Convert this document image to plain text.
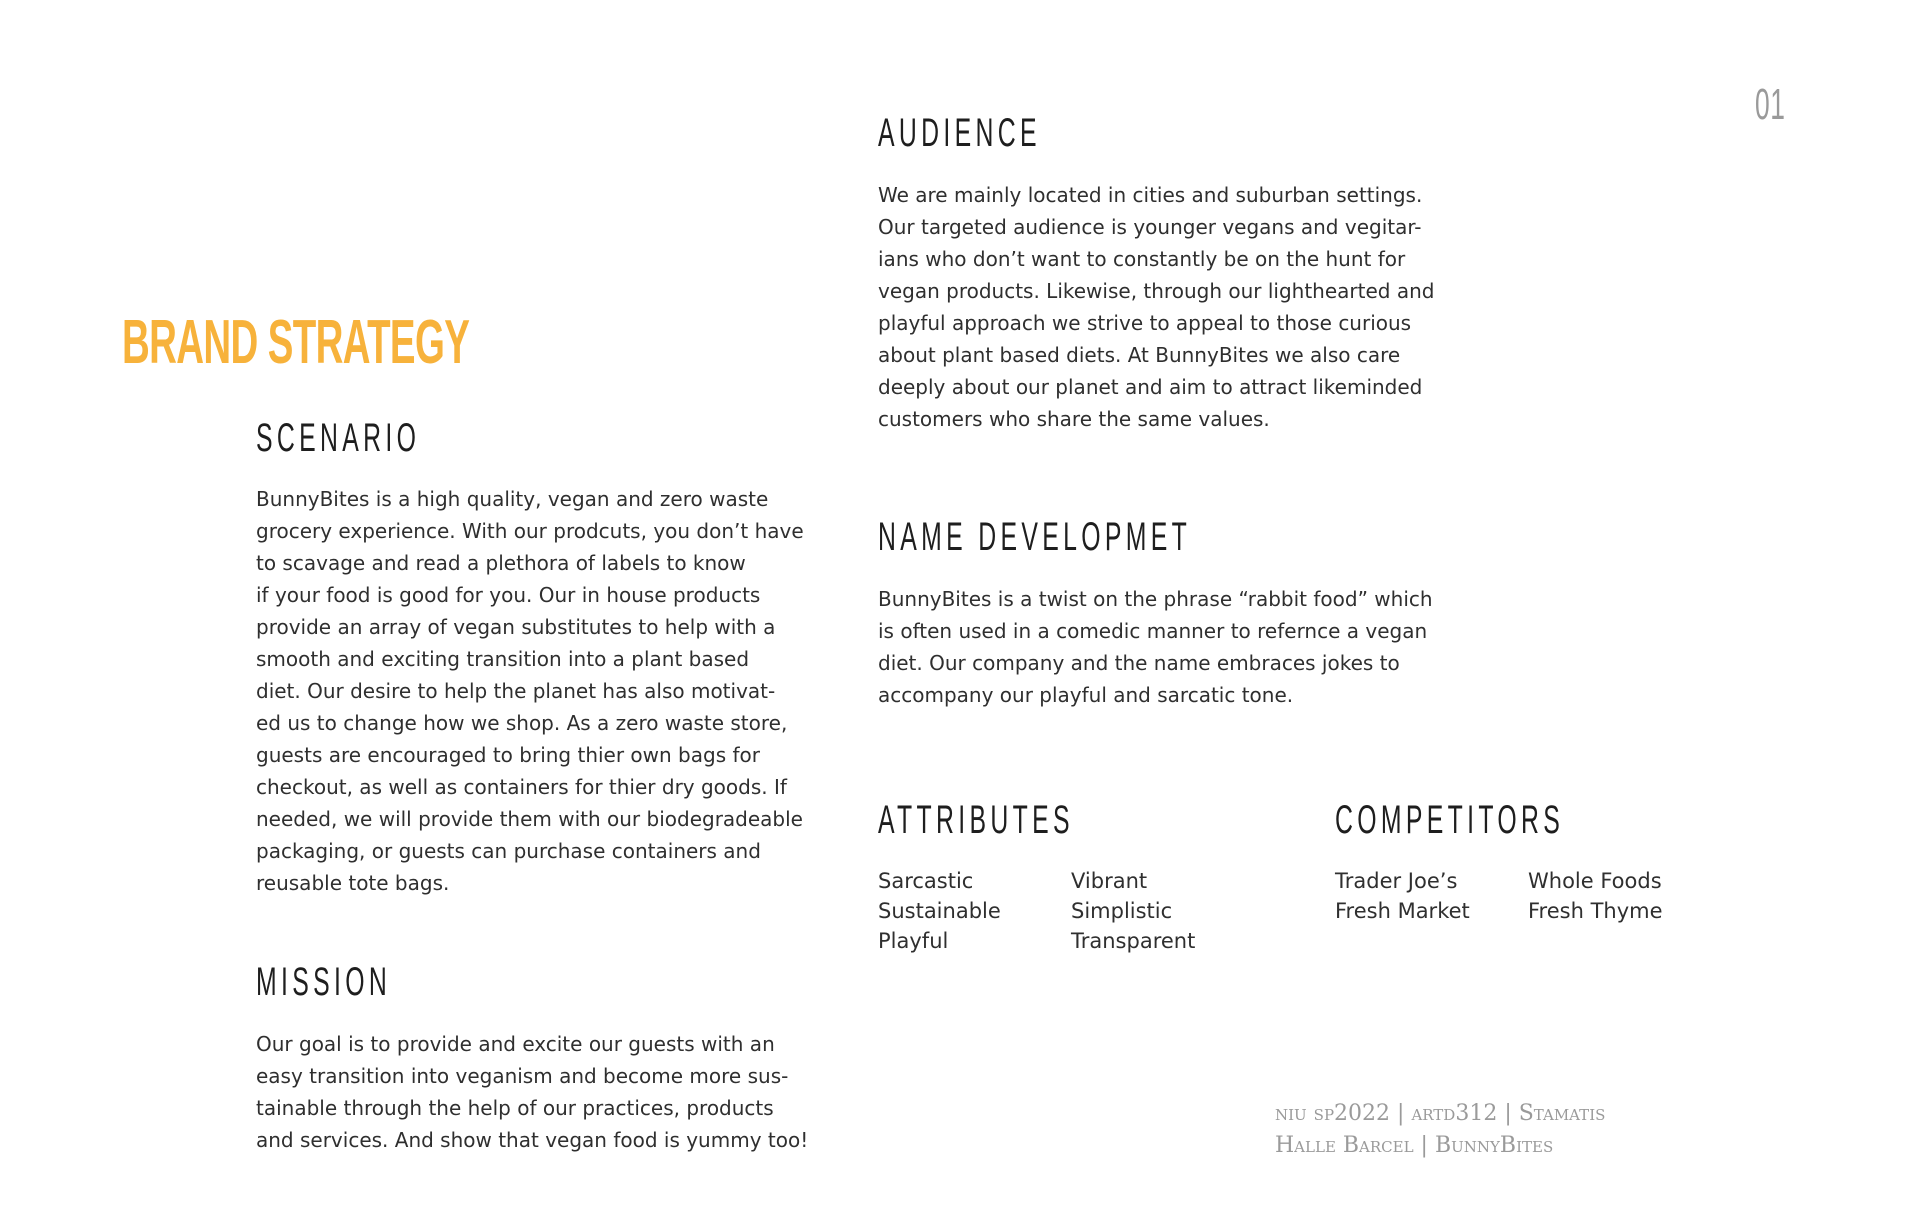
01
BRAND STRATEGY
SCENARIO

BunnyBites is a high quality, vegan and zero waste
grocery experience. With our prodcuts, you don’t have
to scavage and read a plethora of labels to know
if your food is good for you. Our in house products
provide an array of vegan substitutes to help with a
smooth and exciting transition into a plant based
diet. Our desire to help the planet has also motivat-
ed us to change how we shop. As a zero waste store,
guests are encouraged to bring thier own bags for
checkout, as well as containers for thier dry goods. If
needed, we will provide them with our biodegradeable
packaging, or guests can purchase containers and
reusable tote bags.

MISSION

Our goal is to provide and excite our guests with an
easy transition into veganism and become more sus-
tainable through the help of our practices, products
and services. And show that vegan food is yummy too!

AUDIENCE

We are mainly located in cities and suburban settings.
Our targeted audience is younger vegans and vegitar-
ians who don’t want to constantly be on the hunt for
vegan products. Likewise, through our lighthearted and
playful approach we strive to appeal to those curious
about plant based diets. At BunnyBites we also care
deeply about our planet and aim to attract likeminded
customers who share the same values.

NAME DEVELOPMET

BunnyBites is a twist on the phrase “rabbit food” which
is often used in a comedic manner to refernce a vegan
diet. Our company and the name embraces jokes to
accompany our playful and sarcatic tone.

ATTRIBUTES
Sarcastic
Sustainable
Playful
Vibrant
Simplistic
Transparent
COMPETITORS
Trader Joe’s
Fresh Market
Whole Foods
Fresh Thyme
niu sp2022 | artd312 | Stamatis
Halle Barcel | BunnyBites
